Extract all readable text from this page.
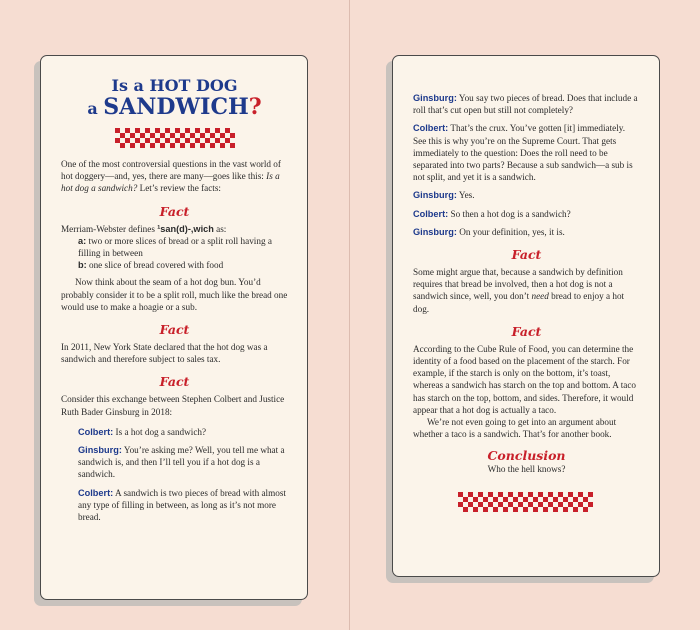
Is a HOT DOG
a SANDWICH?

One of the most controversial questions in the vast world of hot doggery—and, yes, there are many—goes like this: Is a hot dog a sandwich? Let’s review the facts:

Fact

Merriam-Webster defines ¹san(d)-,wich as:

a: two or more slices of bread or a split roll having a filling in between
b: one slice of bread covered with food

Now think about the seam of a hot dog bun. You’d probably consider it to be a split roll, much like the bread one would use to make a hoagie or a sub.

Fact

In 2011, New York State declared that the hot dog was a sandwich and therefore subject to sales tax.

Fact

Consider this exchange between Stephen Colbert and Justice Ruth Bader Ginsburg in 2018:

Colbert: Is a hot dog a sandwich?
Ginsburg: You’re asking me? Well, you tell me what a sandwich is, and then I’ll tell you if a hot dog is a sandwich.
Colbert: A sandwich is two pieces of bread with almost any type of filling in between, as long as it’s not more bread.
Ginsburg: You say two pieces of bread. Does that include a roll that’s cut open but still not completely?
Colbert: That’s the crux. You’ve gotten [it] immediately. See this is why you’re on the Supreme Court. That gets immediately to the question: Does the roll need to be separated into two parts? Because a sub sandwich—a sub is not split, and yet it is a sandwich.
Ginsburg: Yes.
Colbert: So then a hot dog is a sandwich?
Ginsburg: On your definition, yes, it is.
Fact

Some might argue that, because a sandwich by definition requires that bread be involved, then a hot dog is not a sandwich since, well, you don’t need bread to enjoy a hot dog.

Fact

According to the Cube Rule of Food, you can determine the identity of a food based on the placement of the starch. For example, if the starch is only on the bottom, it’s toast, whereas a sandwich has starch on the top and bottom. A taco has starch on the top, bottom, and sides. Therefore, it would appear that a hot dog is actually a taco.

We’re not even going to get into an argument about whether a taco is a sandwich. That’s for another book.

Conclusion

Who the hell knows?
